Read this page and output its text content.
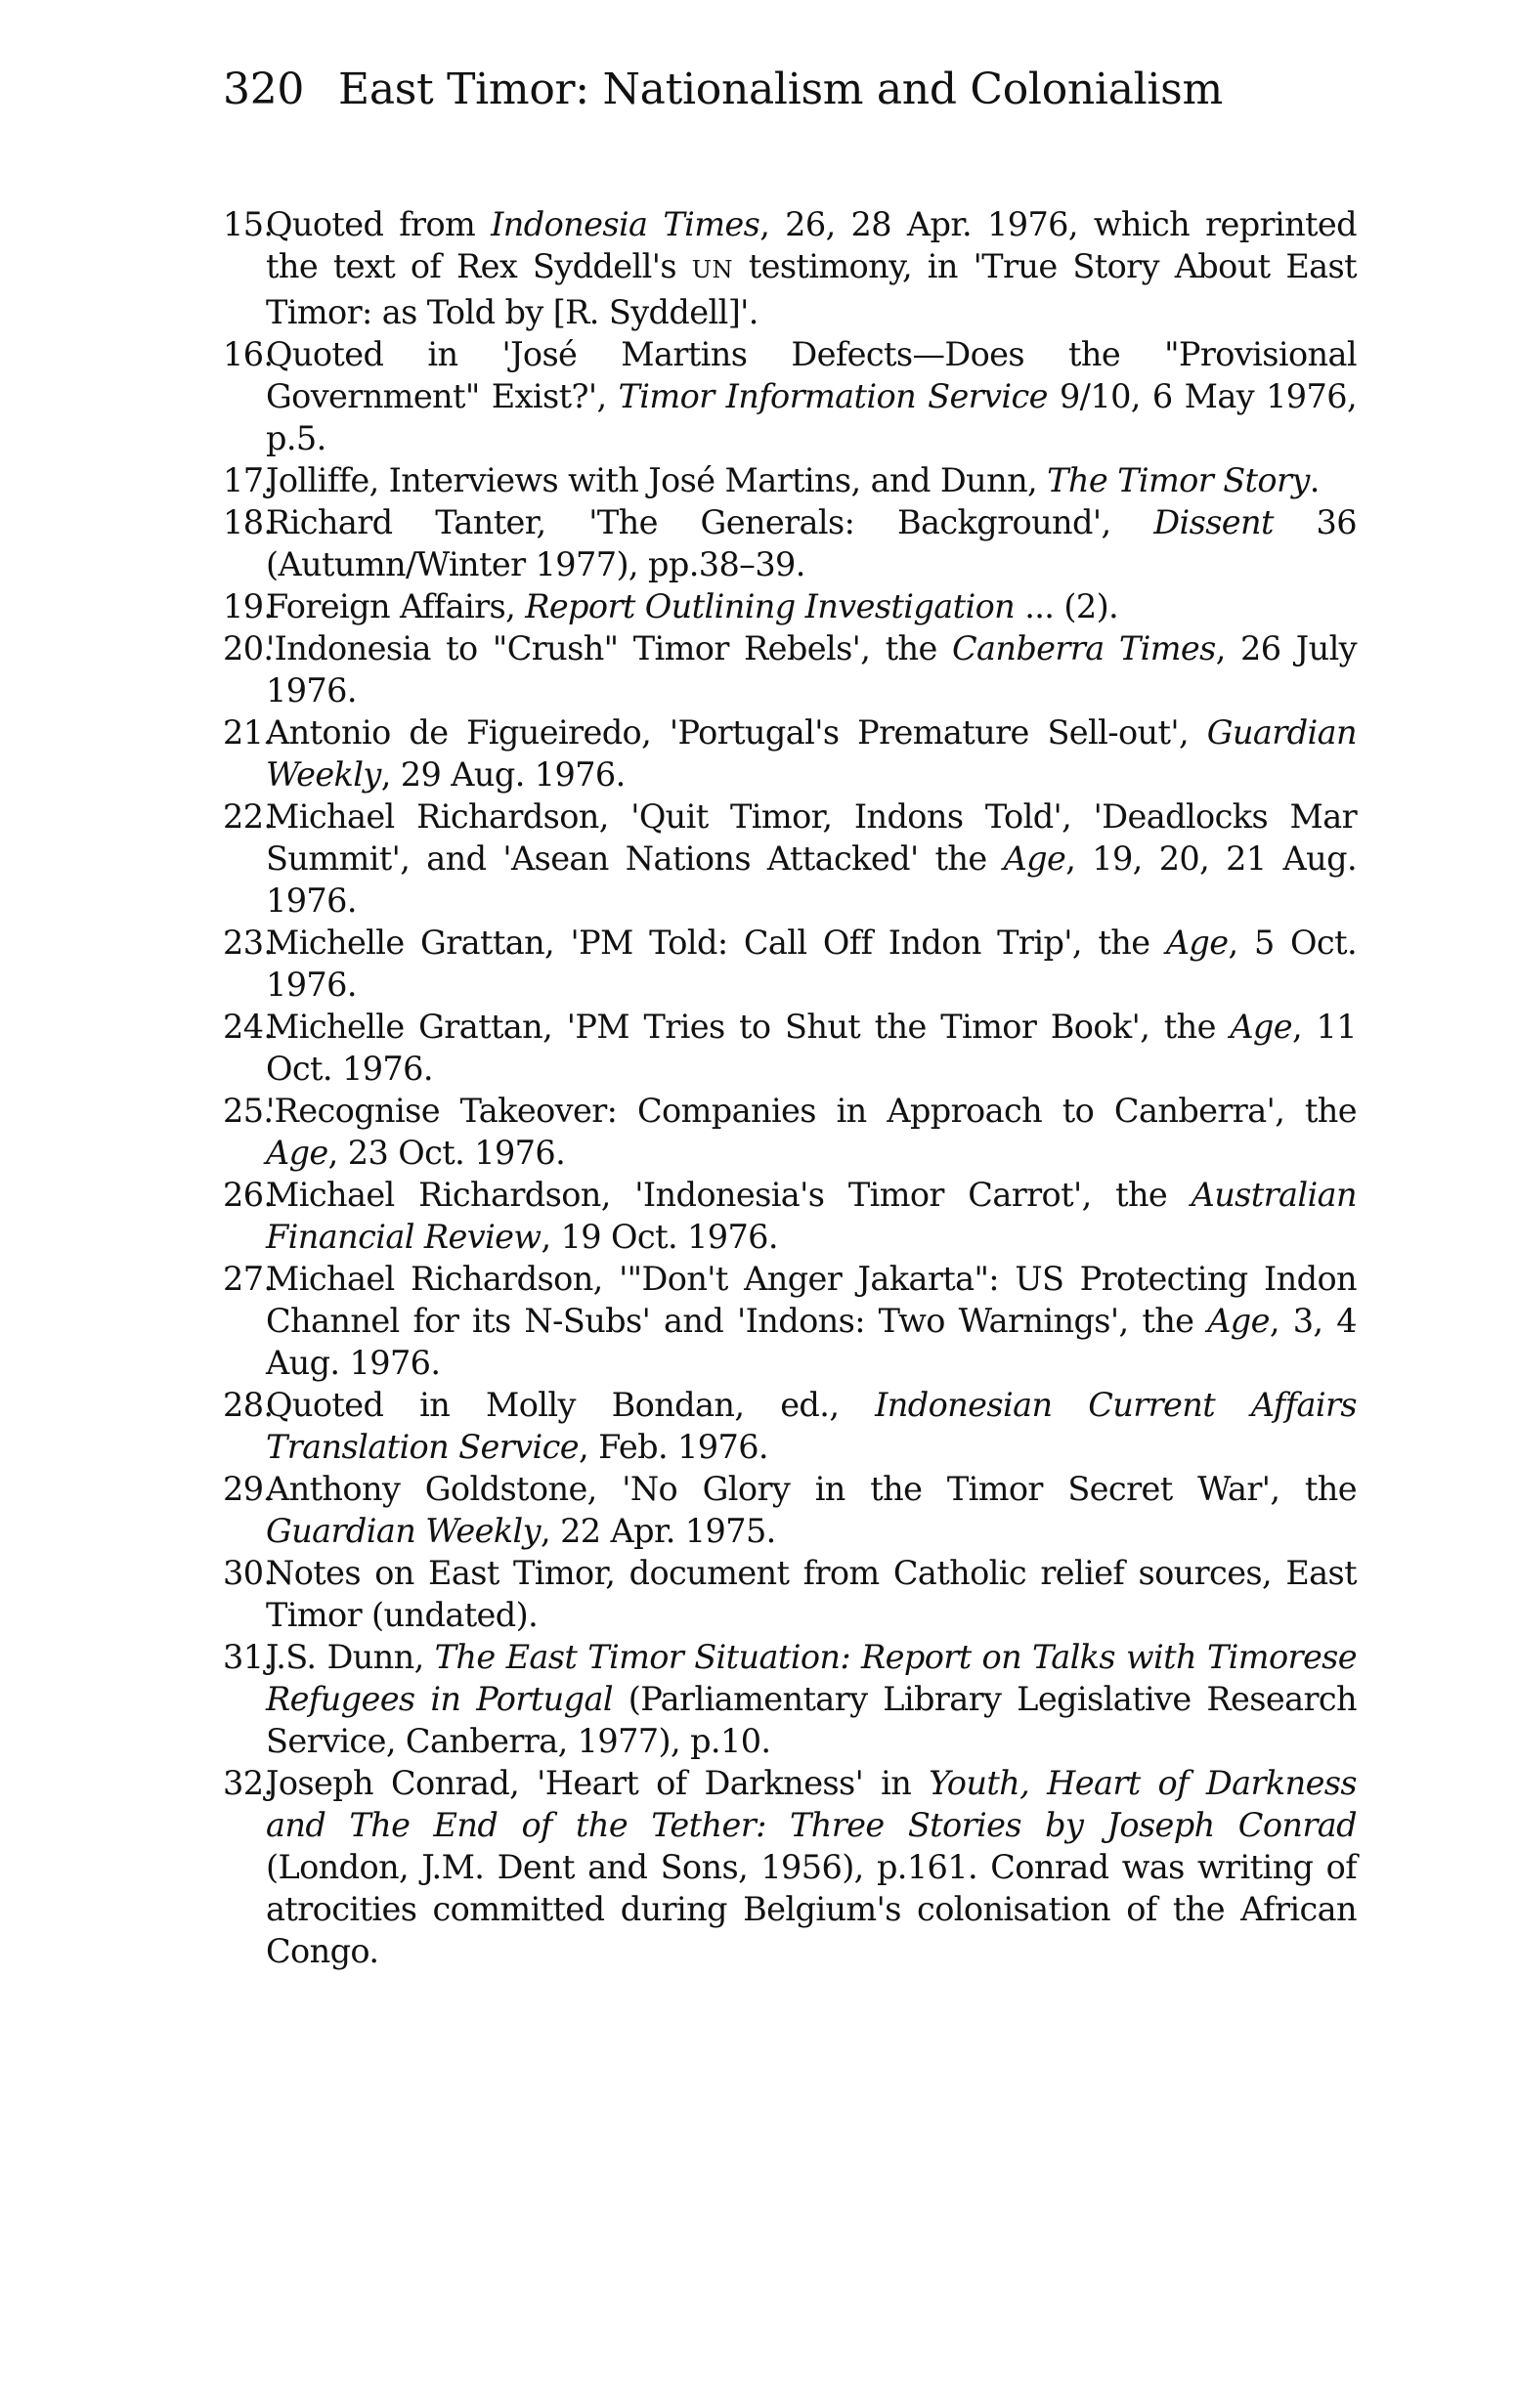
320 East Timor: Nationalism and Colonialism
15.
Quoted from Indonesia Times, 26, 28 Apr. 1976, which reprinted the text of Rex Syddell's UN testimony, in 'True Story About East Timor: as Told by [R. Syddell]'.
16.
Quoted in 'José Martins Defects—Does the "Provisional Government" Exist?', Timor Information Service 9/10, 6 May 1976, p.5.
17.
Jolliffe, Interviews with José Martins, and Dunn, The Timor Story.
18.
Richard Tanter, 'The Generals: Background', Dissent 36 (Autumn/Winter 1977), pp.38–39.
19.
Foreign Affairs, Report Outlining Investigation ... (2).
20.
'Indonesia to "Crush" Timor Rebels', the Canberra Times, 26 July 1976.
21.
Antonio de Figueiredo, 'Portugal's Premature Sell-out', Guardian Weekly, 29 Aug. 1976.
22.
Michael Richardson, 'Quit Timor, Indons Told', 'Deadlocks Mar Summit', and 'Asean Nations Attacked' the Age, 19, 20, 21 Aug. 1976.
23.
Michelle Grattan, 'PM Told: Call Off Indon Trip', the Age, 5 Oct. 1976.
24.
Michelle Grattan, 'PM Tries to Shut the Timor Book', the Age, 11 Oct. 1976.
25.
'Recognise Takeover: Companies in Approach to Canberra', the Age, 23 Oct. 1976.
26.
Michael Richardson, 'Indonesia's Timor Carrot', the Australian Financial Review, 19 Oct. 1976.
27.
Michael Richardson, '"Don't Anger Jakarta": US Protecting Indon Channel for its N-Subs' and 'Indons: Two Warnings', the Age, 3, 4 Aug. 1976.
28.
Quoted in Molly Bondan, ed., Indonesian Current Affairs Translation Service, Feb. 1976.
29.
Anthony Goldstone, 'No Glory in the Timor Secret War', the Guardian Weekly, 22 Apr. 1975.
30.
Notes on East Timor, document from Catholic relief sources, East Timor (undated).
31.
J.S. Dunn, The East Timor Situation: Report on Talks with Timorese Refugees in Portugal (Parliamentary Library Legislative Research Service, Canberra, 1977), p.10.
32.
Joseph Conrad, 'Heart of Darkness' in Youth, Heart of Darkness and The End of the Tether: Three Stories by Joseph Conrad (London, J.M. Dent and Sons, 1956), p.161. Conrad was writing of atrocities committed during Belgium's colonisation of the African Congo.
